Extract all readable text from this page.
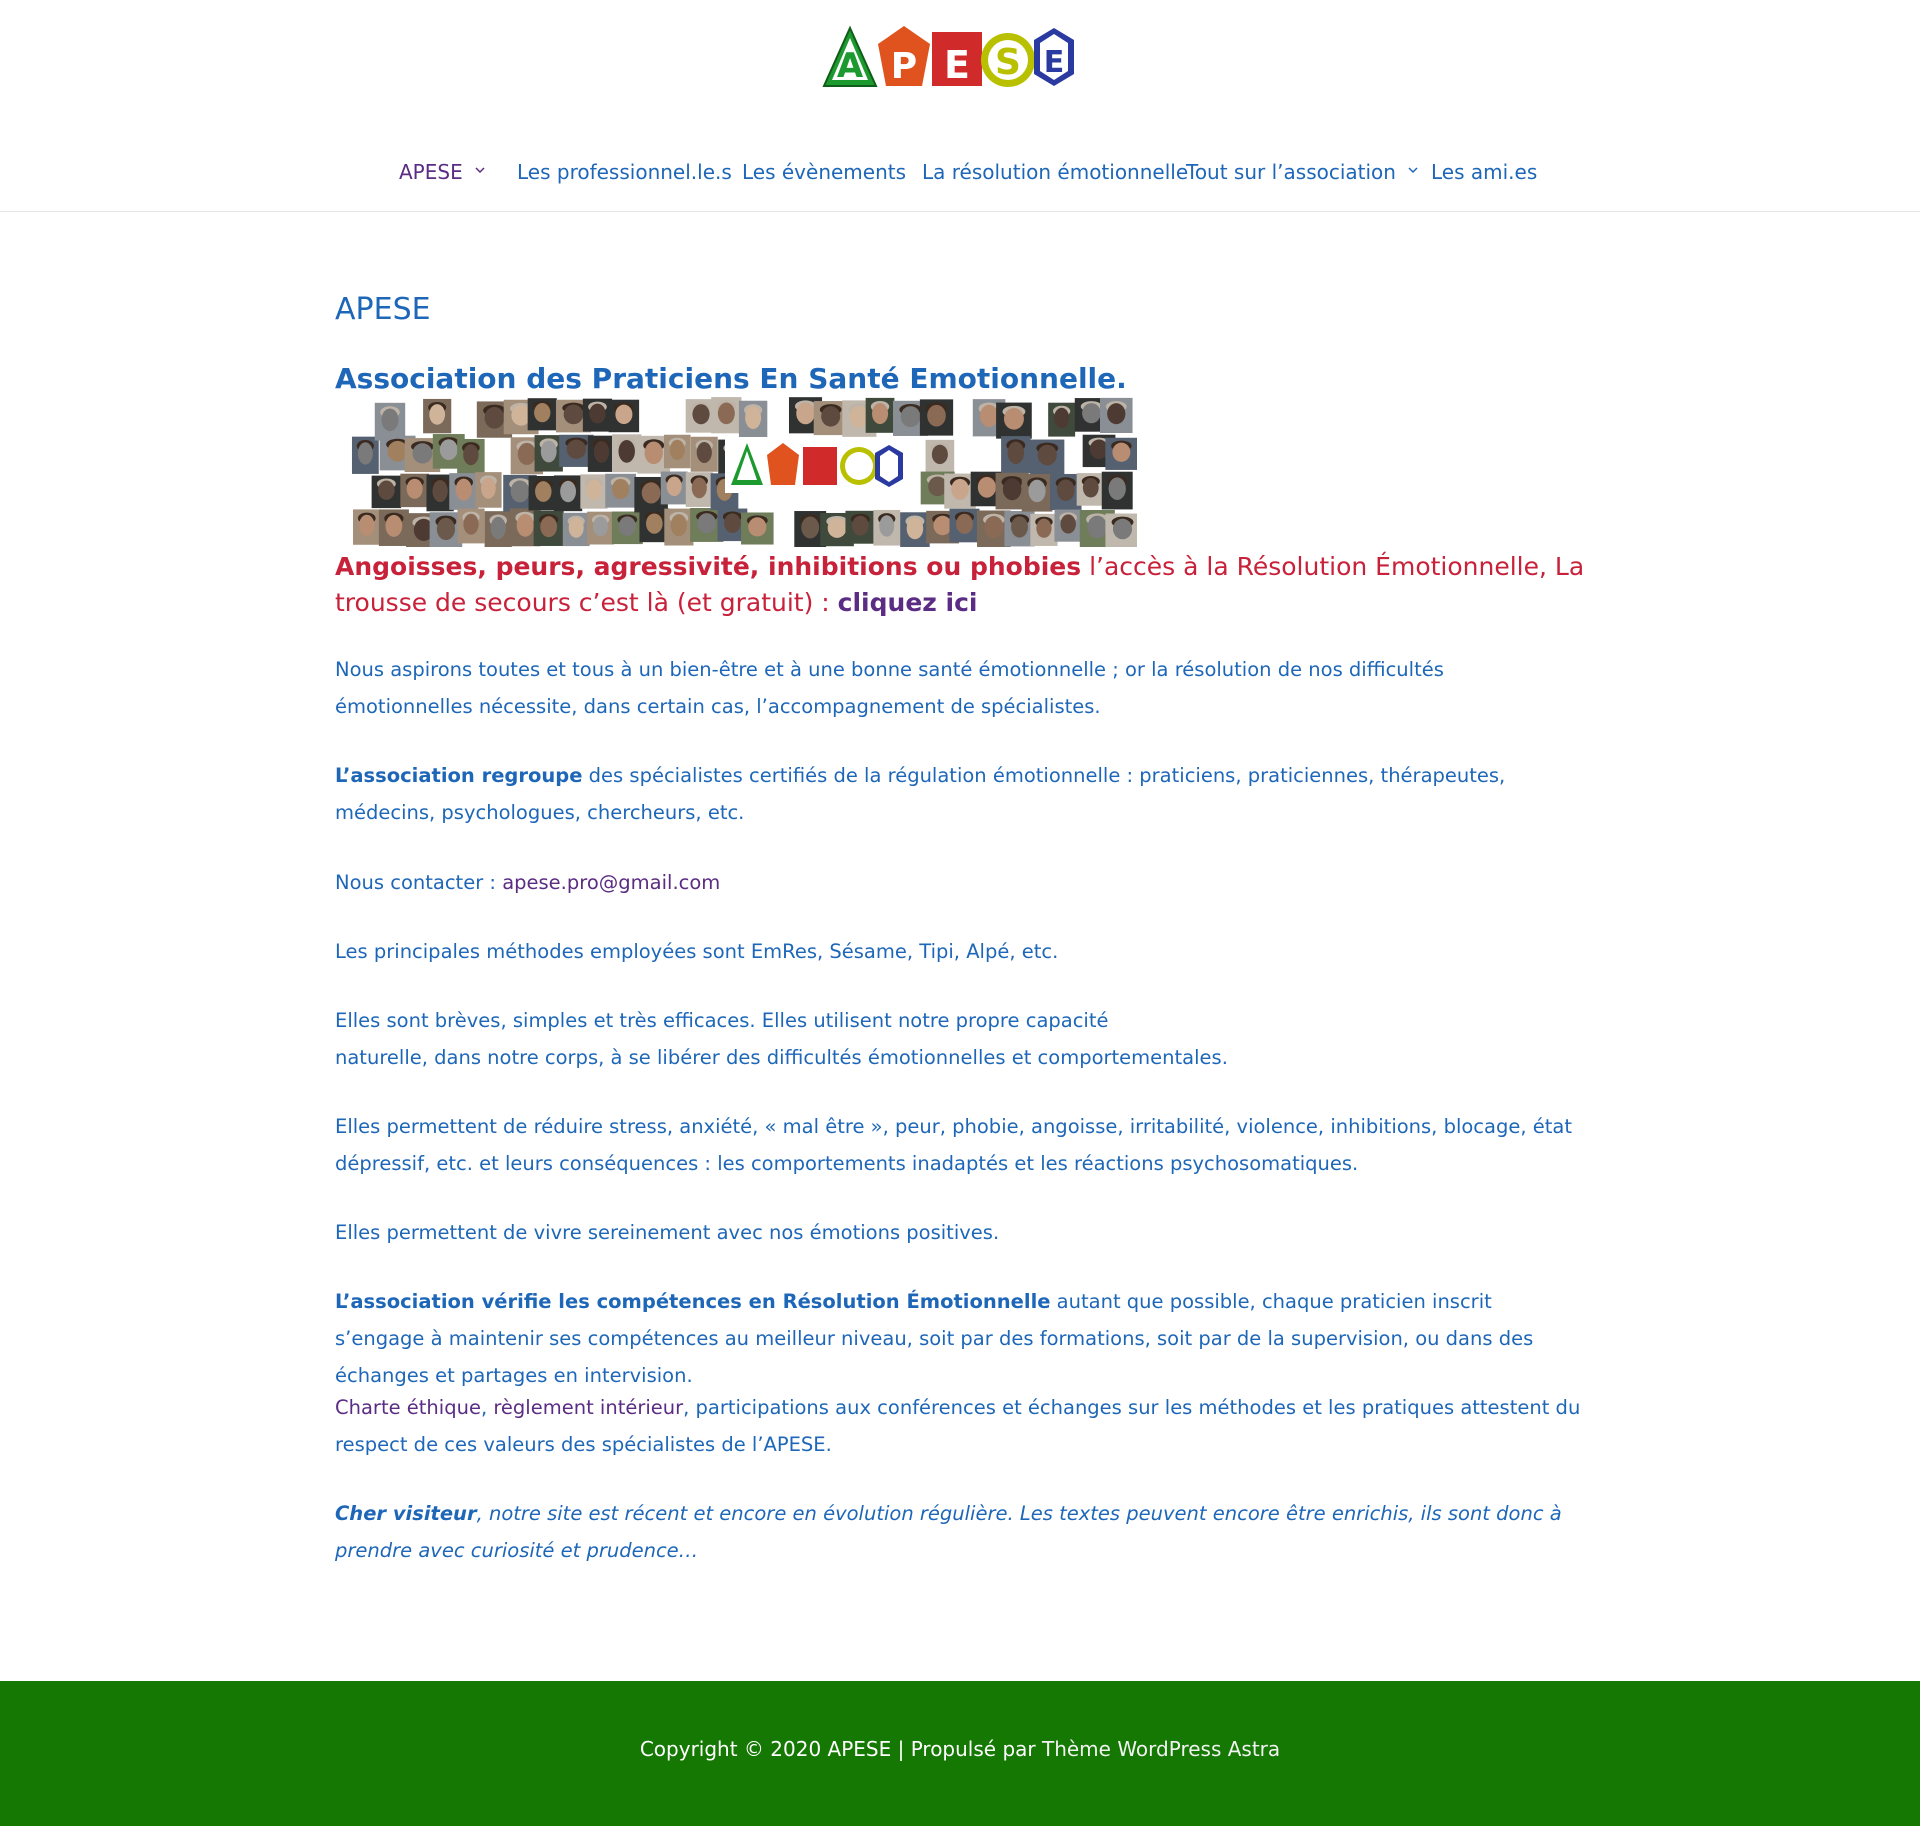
A P E S E
APESE	Les professionnel.le.s Les évènements La résolution émotionnelle
Tout sur l’association	Les ami.es
APESE
Association des Praticiens En Santé Emotionnelle.

Angoisses, peurs, agressivité, inhibitions ou phobies l’accès à la Résolution Émotionnelle, La trousse de secours c’est là (et gratuit) : cliquez ici

Nous aspirons toutes et tous à un bien-être et à une bonne santé émotionnelle ; or la résolution de nos difficultés émotionnelles nécessite, dans certain cas, l’accompagnement de spécialistes.

L’association regroupe des spécialistes certifiés de la régulation émotionnelle : praticiens, praticiennes, thérapeutes, médecins, psychologues, chercheurs, etc.

Nous contacter : apese.pro@gmail.com

Les principales méthodes employées sont EmRes, Sésame, Tipi, Alpé, etc.

Elles sont brèves, simples et très efficaces. Elles utilisent notre propre capacité
naturelle, dans notre corps, à se libérer des difficultés émotionnelles et comportementales.

Elles permettent de réduire stress, anxiété, « mal être », peur, phobie, angoisse, irritabilité, violence, inhibitions, blocage, état dépressif, etc. et leurs conséquences : les comportements inadaptés et les réactions psychosomatiques.

Elles permettent de vivre sereinement avec nos émotions positives.

L’association vérifie les compétences en Résolution Émotionnelle autant que possible, chaque praticien inscrit s’engage à maintenir ses compétences au meilleur niveau, soit par des formations, soit par de la supervision, ou dans des échanges et partages en intervision.

Charte éthique, règlement intérieur, participations aux conférences et échanges sur les méthodes et les pratiques attestent du respect de ces valeurs des spécialistes de l’APESE.

Cher visiteur, notre site est récent et encore en évolution régulière. Les textes peuvent encore être enrichis, ils sont donc à prendre avec curiosité et prudence…

Copyright © 2020 APESE | Propulsé par Thème WordPress Astra
